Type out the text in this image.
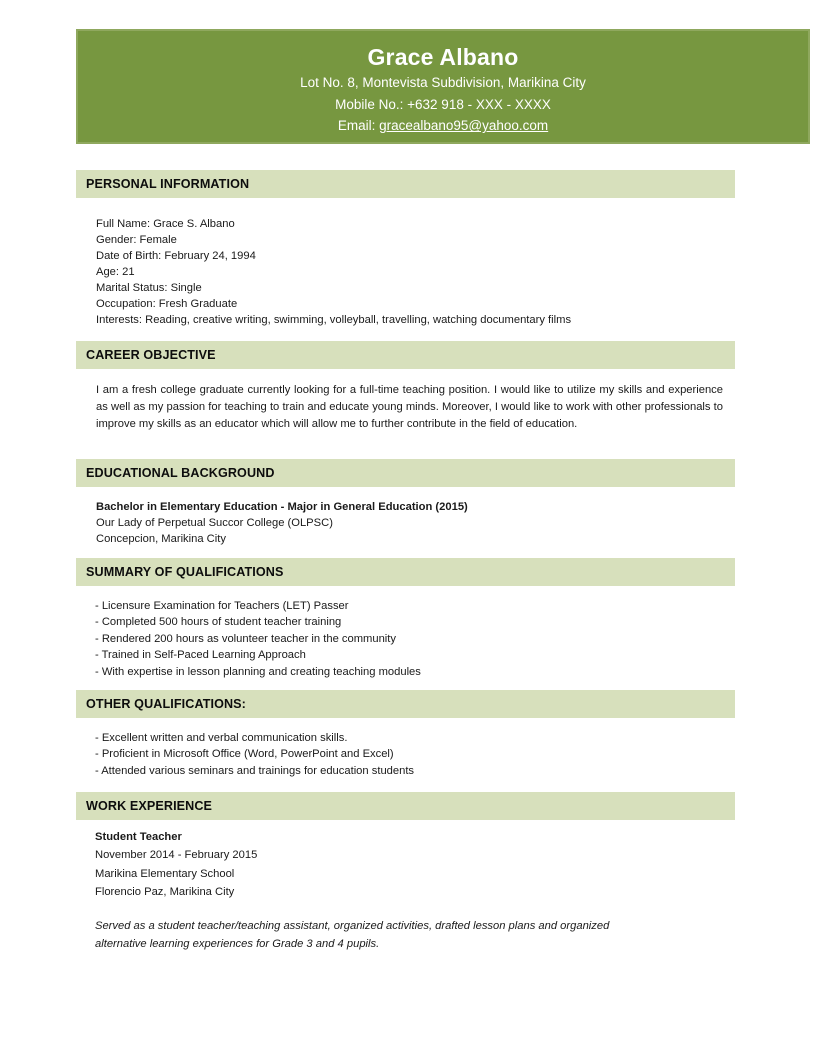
Grace Albano
Lot No. 8, Montevista Subdivision, Marikina City
Mobile No.: +632 918 - XXX - XXXX
Email: gracealbano95@yahoo.com
PERSONAL INFORMATION
Full Name: Grace S. Albano
Gender: Female
Date of Birth: February 24, 1994
Age: 21
Marital Status: Single
Occupation: Fresh Graduate
Interests: Reading, creative writing, swimming, volleyball, travelling, watching documentary films
CAREER OBJECTIVE
I am a fresh college graduate currently looking for a full-time teaching position. I would like to utilize my skills and experience as well as my passion for teaching to train and educate young minds. Moreover, I would like to work with other professionals to improve my skills as an educator which will allow me to further contribute in the field of education.
EDUCATIONAL BACKGROUND
Bachelor in Elementary Education - Major in General Education (2015)
Our Lady of Perpetual Succor College (OLPSC)
Concepcion, Marikina City
SUMMARY OF QUALIFICATIONS
- Licensure Examination for Teachers (LET) Passer
- Completed 500 hours of student teacher training
- Rendered 200 hours as volunteer teacher in the community
- Trained in Self-Paced Learning Approach
- With expertise in lesson planning and creating teaching modules
OTHER QUALIFICATIONS:
- Excellent written and verbal communication skills.
- Proficient in Microsoft Office (Word, PowerPoint and Excel)
- Attended various seminars and trainings for education students
WORK EXPERIENCE
Student Teacher
November 2014 - February 2015
Marikina Elementary School
Florencio Paz, Marikina City
Served as a student teacher/teaching assistant, organized activities, drafted lesson plans and organized alternative learning experiences for Grade 3 and 4 pupils.
